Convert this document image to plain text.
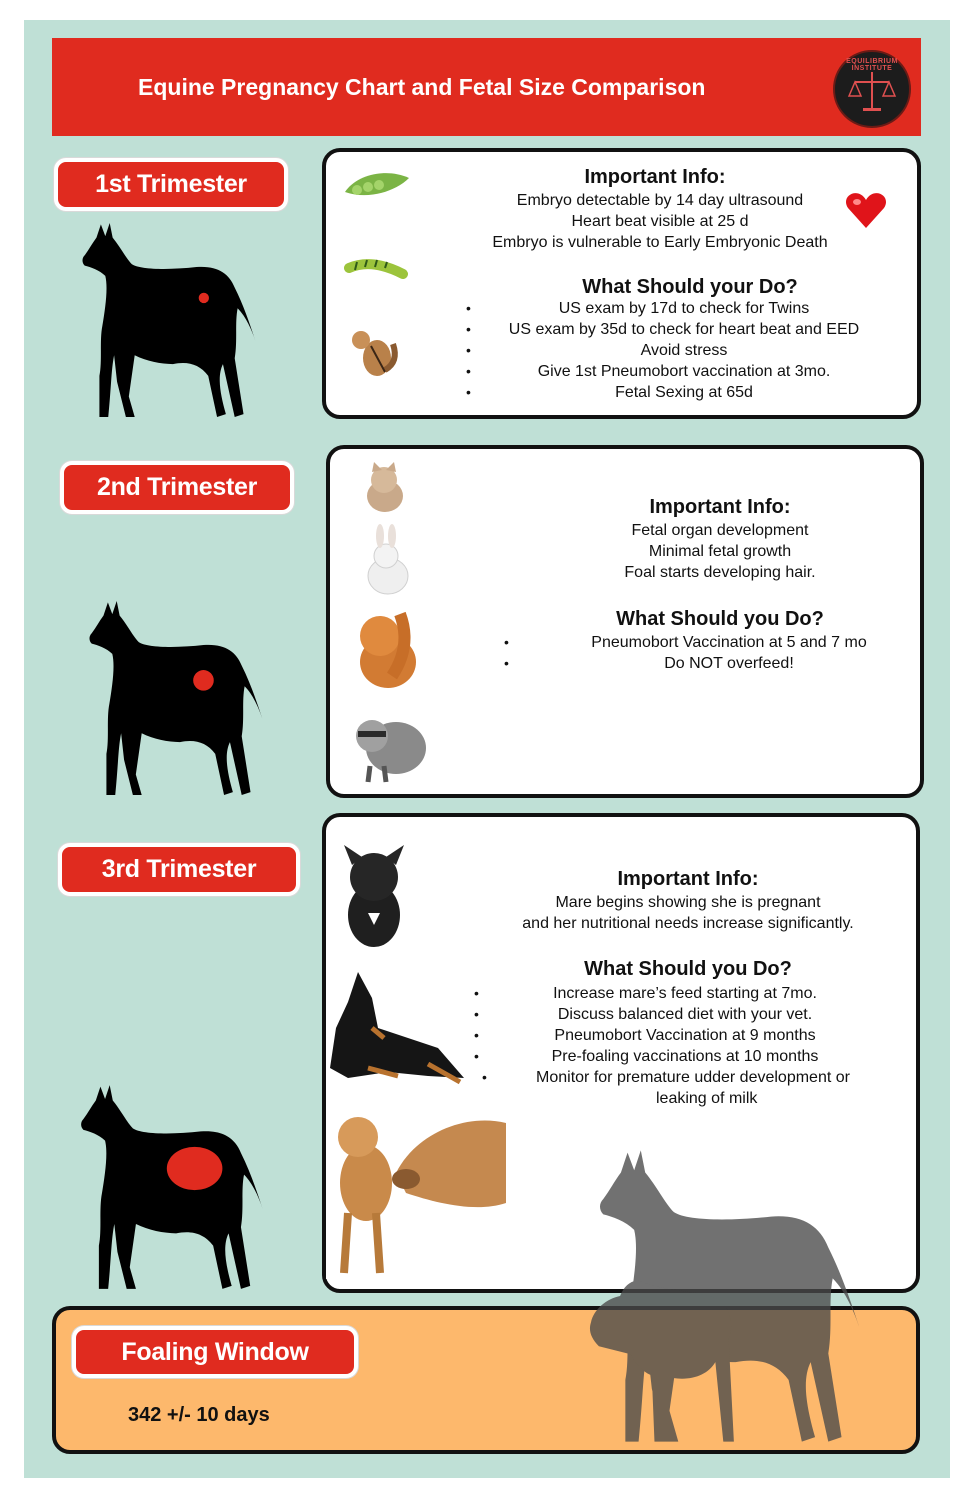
Equine Pregnancy Chart and Fetal Size Comparison
EQUILIBRIUM INSTITUTE
1st Trimester	Important Info:
Embryo detectable by 14 day ultrasound
Heart beat visible at 25 d
Embryo is vulnerable to Early Embryonic Death
What Should your Do?
• US exam by 17d to check for Twins
• US exam by 35d to check for heart beat and EED
• Avoid stress
• Give 1st Pneumobort vaccination at 3mo.
• Fetal Sexing at 65d
2nd Trimester
Important Info:
Fetal organ development
Minimal fetal growth
Foal starts developing hair.
What Should you Do?
• Pneumobort Vaccination at 5 and 7 mo
• Do NOT overfeed!
3rd Trimester	Important Info:
Mare begins showing she is pregnant
and her nutritional needs increase significantly.
What Should you Do?
• Increase mare’s feed starting at 7mo.
• Discuss balanced diet with your vet.
• Pneumobort Vaccination at 9 months
• Pre-foaling vaccinations at 10 months
• Monitor for premature udder development or
leaking of milk
Foaling Window
342 +/- 10 days
